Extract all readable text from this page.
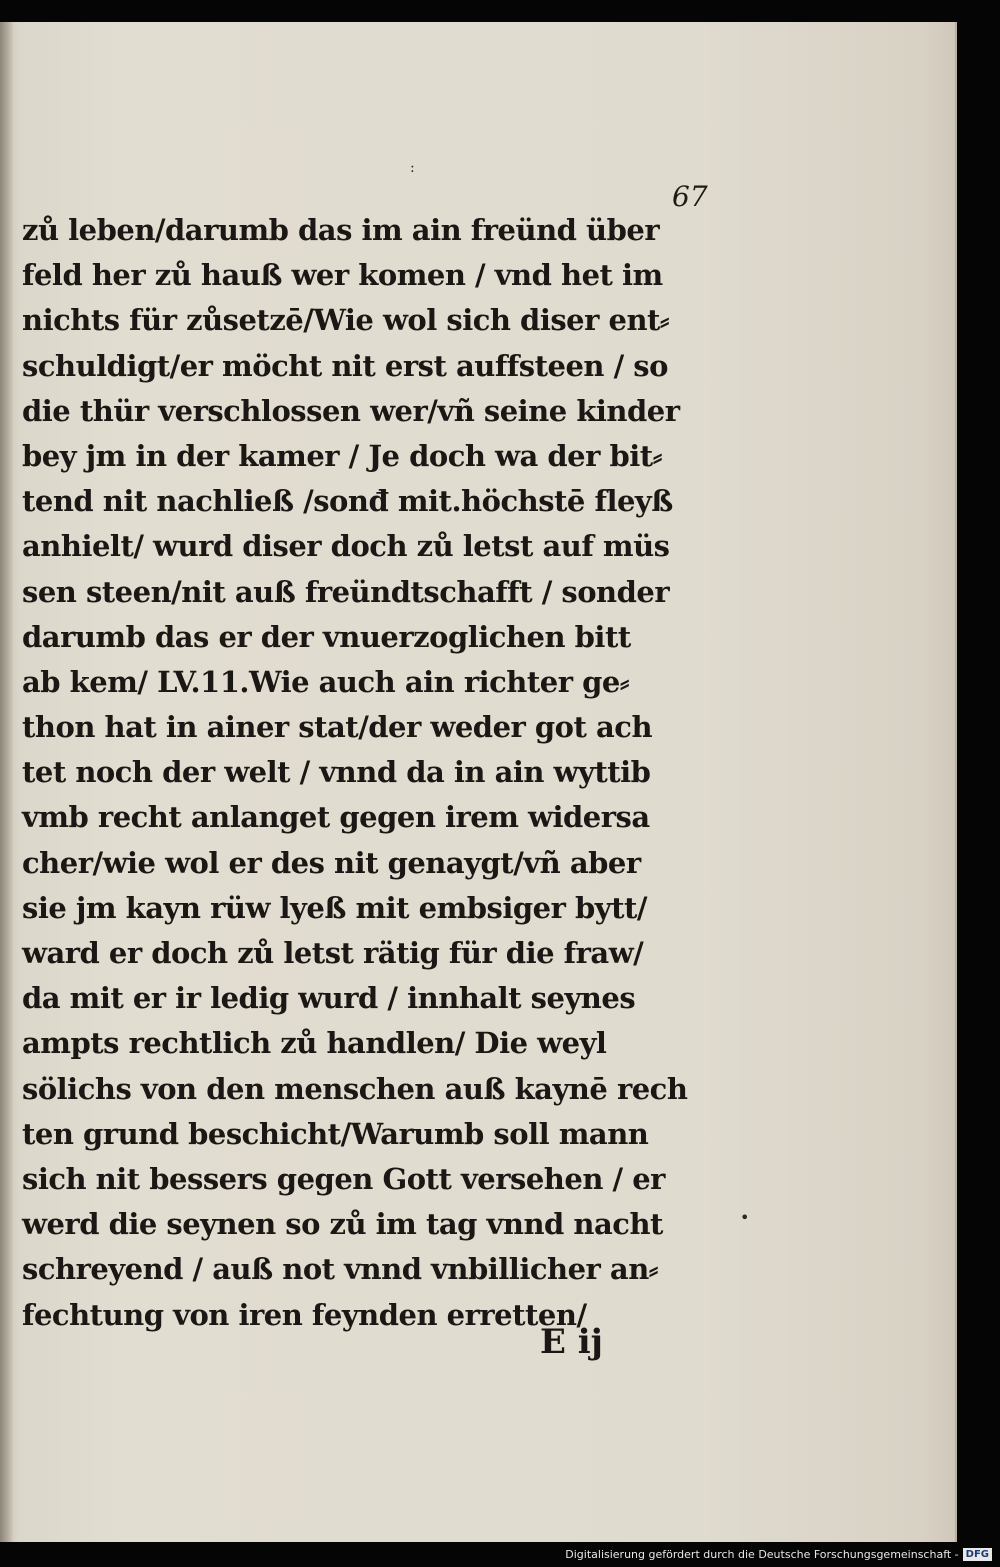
:
67
zů leben/darumb das im ain freünd über
feld her zů hauß wer komen / vnd het im
nichts für zůsetzē/Wie wol sich diser ent⸗
schuldigt/er möcht nit erst auffsteen / so
die thür verschlossen wer/vñ seine kinder
bey jm in der kamer / Je doch wa der bit⸗
tend nit nachließ /sonđ mit.höchstē fleyß
anhielt/ wurd diser doch zů letst auf müs
sen steen/nit auß freündtschafft / sonder
darumb das er der vnuerzoglichen bitt
ab kem/ LV.11.Wie auch ain richter ge⸗
thon hat in ainer stat/der weder got ach
tet noch der welt / vnnd da in ain wyttib
vmb recht anlanget gegen irem widersa
cher/wie wol er des nit genaygt/vñ aber
sie jm kayn rüw lyeß mit embsiger bytt/
ward er doch zů letst rätig für die fraw/
da mit er ir ledig wurd / innhalt seynes
ampts rechtlich zů handlen/ Die weyl
sölichs von den menschen auß kaynē rech
ten grund beschicht/Warumb soll mann
sich nit bessers gegen Gott versehen / er
werd die seynen so zů im tag vnnd nacht
schreyend / auß not vnnd vnbillicher an⸗
fechtung von iren feynden erretten/
•
E ij
Digitalisierung gefördert durch die Deutsche Forschungsgemeinschaft - DFG
